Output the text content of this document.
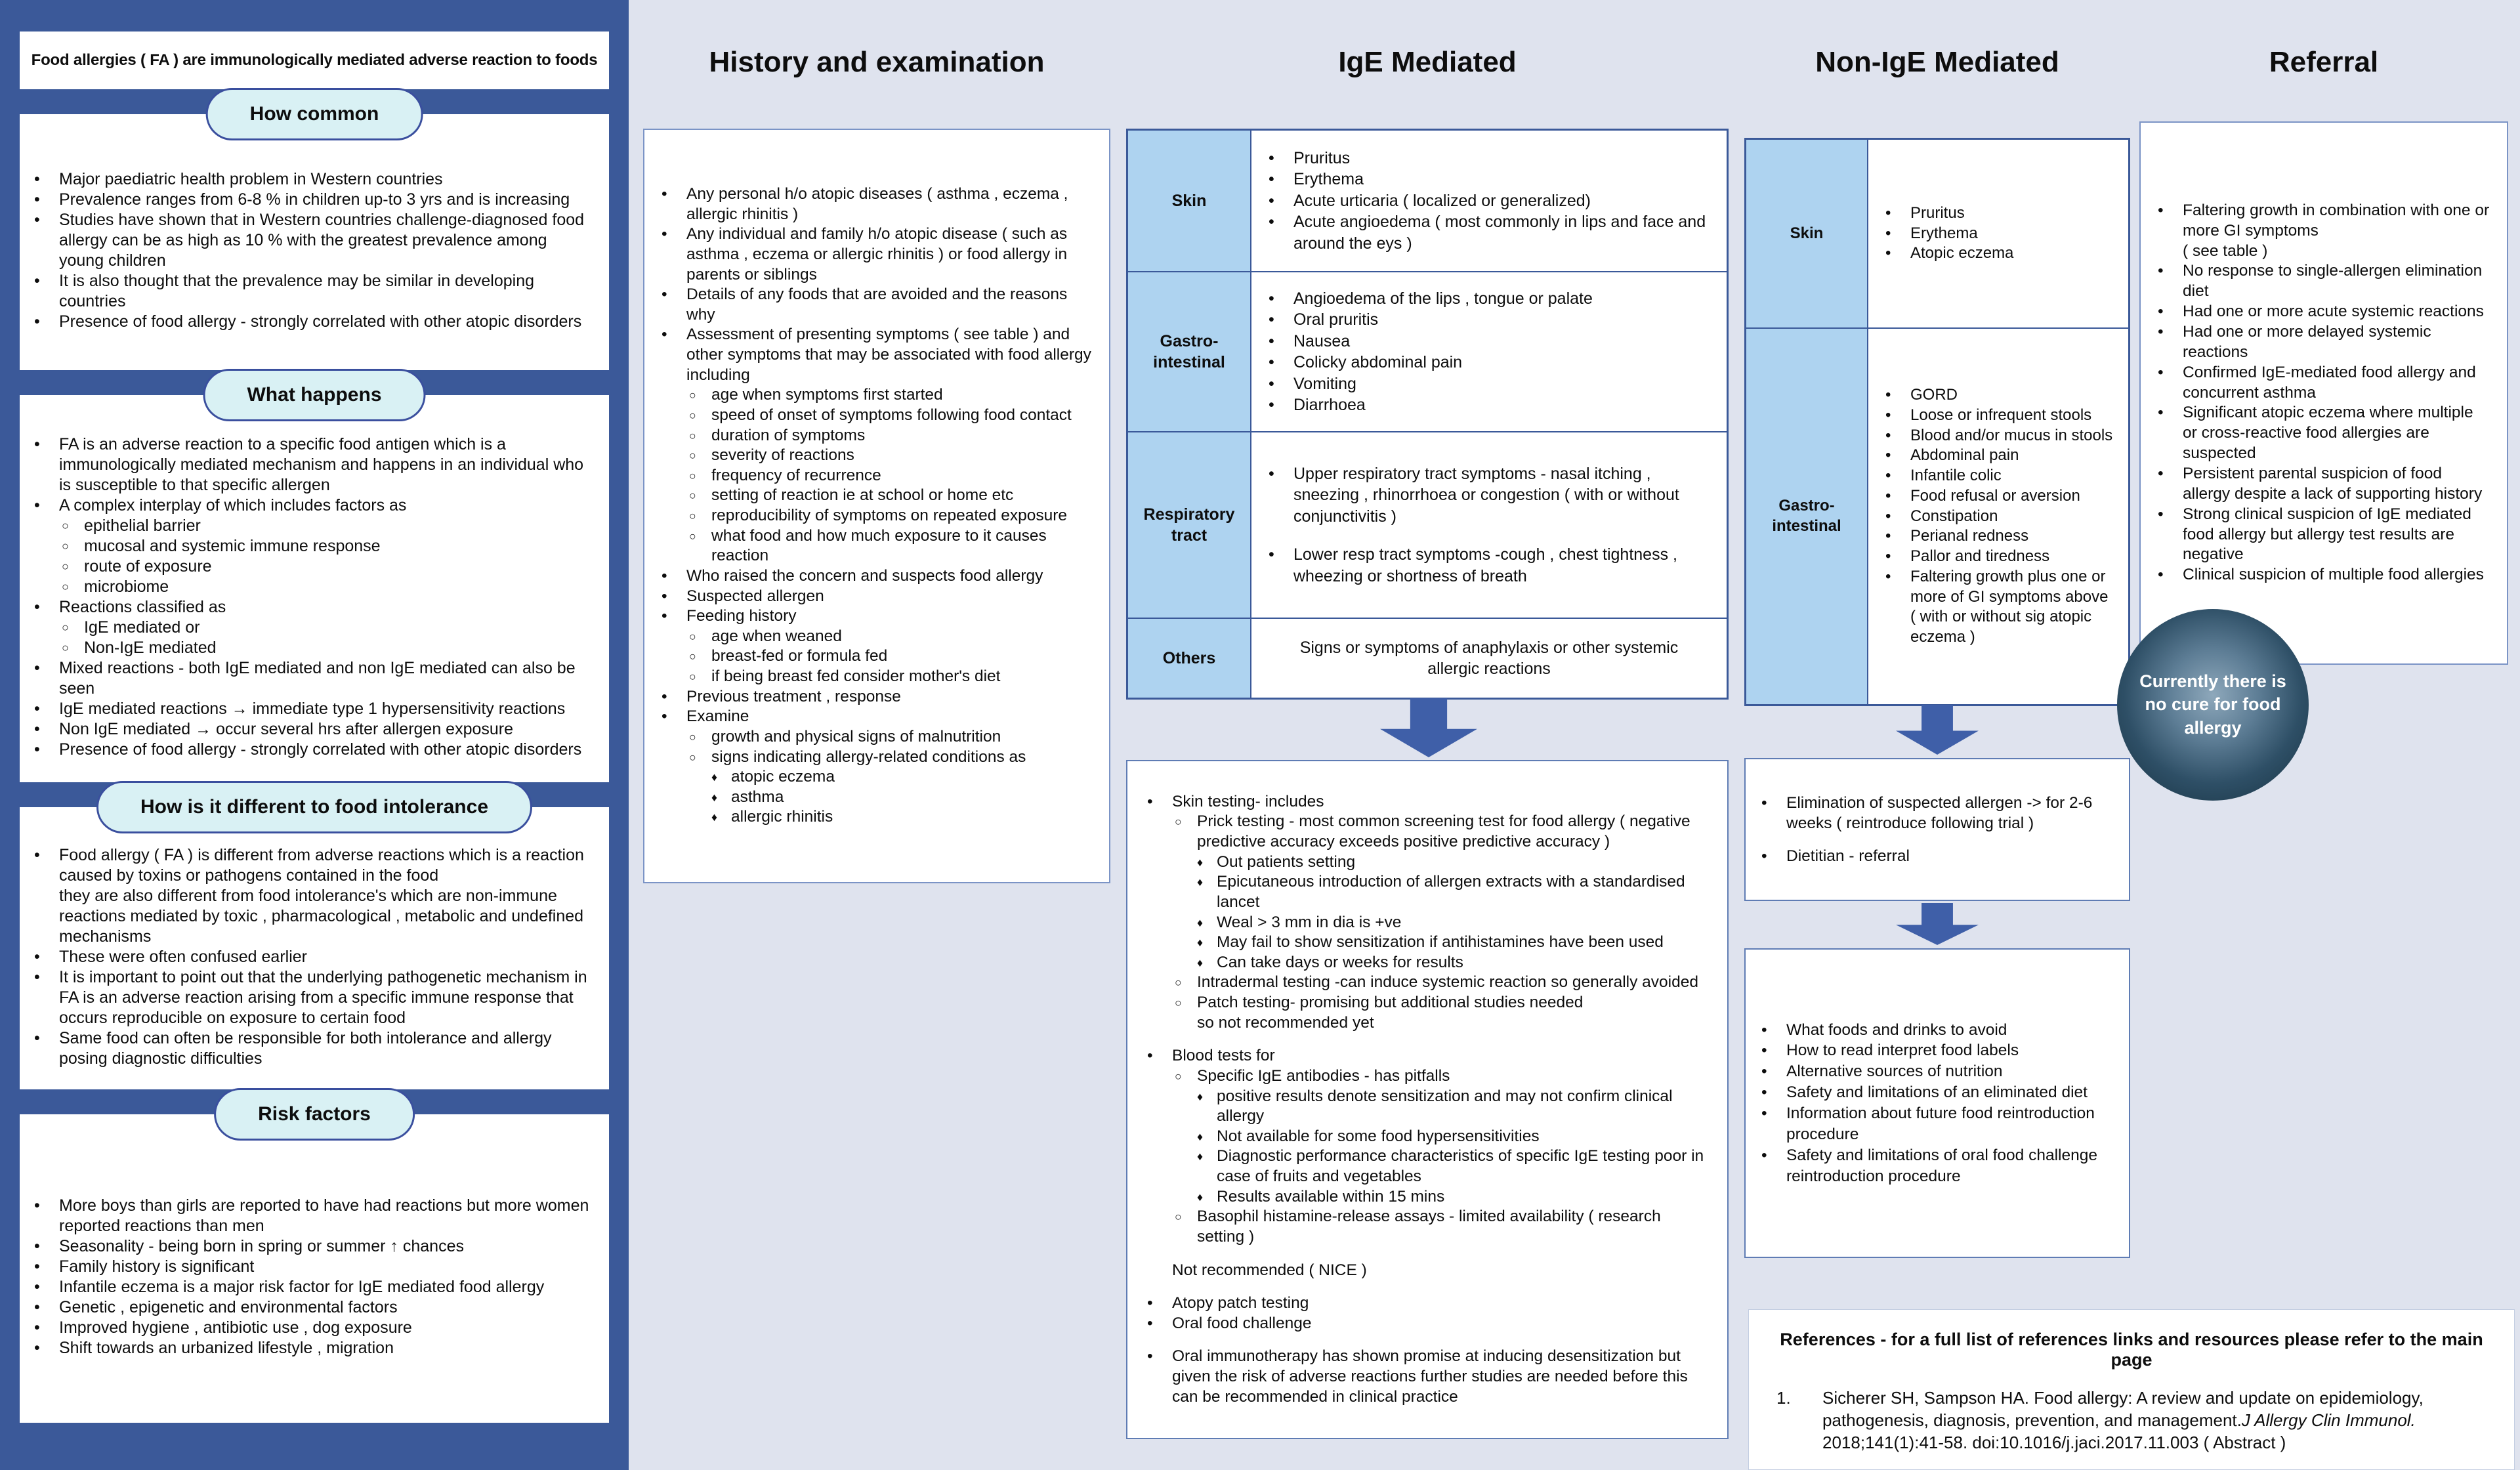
Food allergies ( FA ) are immunologically mediated adverse reaction to foods
How common
•	Major paediatric health problem in Western countries
•	Prevalence ranges from 6-8 % in children up-to 3 yrs and is increasing
•	Studies have shown that in Western countries challenge-diagnosed food allergy can be as high as 10 % with the greatest prevalence among young children
•	It is also thought that the prevalence may be similar in developing countries
•	Presence of food allergy - strongly correlated with other atopic disorders
What happens
•	FA is an adverse reaction to a specific food antigen which is a immunologically mediated mechanism and happens in an individual who is susceptible to that specific allergen
•	A complex interplay of which includes factors as
○ epithelial barrier
○ mucosal and systemic immune response
○ route of exposure
○ microbiome
•	Reactions classified as
○ IgE mediated or
○ Non-IgE mediated
•	Mixed reactions - both IgE mediated and non IgE mediated can also be seen
•	IgE mediated reactions → immediate type 1 hypersensitivity reactions
•	Non IgE mediated → occur several hrs after allergen exposure
•	Presence of food allergy - strongly correlated with other atopic disorders
How is it different to food intolerance
•	Food allergy ( FA ) is different from adverse reactions which is a reaction caused by toxins or pathogens contained in the food
they are also different from food intolerance's which are non-immune reactions mediated by toxic , pharmacological , metabolic and undefined mechanisms
•	These were often confused earlier
•	It is important to point out that the underlying pathogenetic mechanism in FA is an adverse reaction arising from a specific immune response that occurs reproducible on exposure to certain food
•	Same food can often be responsible for both intolerance and allergy posing diagnostic difficulties
Risk factors
•	More boys than girls are reported to have had reactions but more women reported reactions than men
•	Seasonality - being born in spring or summer ↑ chances
•	Family history is significant
•	Infantile eczema is a major risk factor for IgE mediated food allergy
•	Genetic , epigenetic and environmental factors
•	Improved hygiene , antibiotic use , dog exposure
•	Shift towards an urbanized lifestyle , migration
History and examination
•	Any personal h/o atopic diseases ( asthma , eczema , allergic rhinitis )
•	Any individual and family h/o atopic disease ( such as asthma , eczema or allergic rhinitis ) or food allergy in parents or siblings
•	Details of any foods that are avoided and the reasons why
•	Assessment of presenting symptoms ( see table ) and other symptoms that may be associated with food allergy including
○ age when symptoms first started
○ speed of onset of symptoms following food contact
○ duration of symptoms
○ severity of reactions
○ frequency of recurrence
○ setting of reaction ie at school or home etc
○ reproducibility of symptoms on repeated exposure
○ what food and how much exposure to it causes reaction
•	Who raised the concern and suspects food allergy
•	Suspected allergen
•	Feeding history
○ age when weaned
○ breast-fed or formula fed
○ if being breast fed consider mother's diet
•	Previous treatment , response
•	Examine
○ growth and physical signs of malnutrition
○ signs indicating allergy-related conditions as
♦ atopic eczema
♦ asthma
♦ allergic rhinitis
IgE Mediated
Skin
•	Pruritus
•	Erythema
•	Acute urticaria ( localized or generalized)
•	Acute angioedema ( most commonly in lips and face and around the eys )
Gastro-intestinal
•	Angioedema of the lips , tongue or palate
•	Oral pruritis
•	Nausea
•	Colicky abdominal pain
•	Vomiting
•	Diarrhoea
Respiratory tract
•	Upper respiratory tract symptoms - nasal itching , sneezing , rhinorrhoea or congestion ( with or without conjunctivitis )
•	Lower resp tract symptoms -cough , chest tightness , wheezing or shortness of breath
Others
Signs or symptoms of anaphylaxis or other systemic allergic reactions
•	Skin testing- includes
○ Prick testing - most common screening test for food allergy ( negative predictive accuracy exceeds positive predictive accuracy )
♦ Out patients setting
♦ Epicutaneous introduction of allergen extracts with a standardised lancet
♦ Weal > 3 mm in dia is +ve
♦ May fail to show sensitization if antihistamines have been used
♦ Can take days or weeks for results
○ Intradermal testing -can induce systemic reaction so generally avoided
○ Patch testing- promising but additional studies needed
so not recommended yet
•	Blood tests for
○ Specific IgE antibodies - has pitfalls
♦ positive results denote sensitization and may not confirm clinical allergy
♦ Not available for some food hypersensitivities
♦ Diagnostic performance characteristics of specific IgE testing poor in case of fruits and vegetables
♦ Results available within 15 mins
○ Basophil histamine-release assays - limited availability ( research setting )
Not recommended ( NICE )
•	Atopy patch testing
•	Oral food challenge
•	Oral immunotherapy has shown promise at inducing desensitization but given the risk of adverse reactions further studies are needed before this can be recommended in clinical practice
Non-IgE Mediated
Skin
•	Pruritus
•	Erythema
•	Atopic eczema
Gastro-intestinal
•	GORD
•	Loose or infrequent stools
•	Blood and/or mucus in stools
•	Abdominal pain
•	Infantile colic
•	Food refusal or aversion
•	Constipation
•	Perianal redness
•	Pallor and tiredness
•	Faltering growth plus one or more of GI symptoms above ( with or without sig atopic eczema )
•	Elimination of suspected allergen -> for 2-6 weeks ( reintroduce following trial )
•	Dietitian - referral
•	What foods and drinks to avoid
•	How to read interpret food labels
•	Alternative sources of nutrition
•	Safety and limitations of an eliminated diet
•	Information about future food reintroduction procedure
•	Safety and limitations of oral food challenge reintroduction procedure
Referral
•	Faltering growth in combination with one or more GI symptoms
( see table )
•	No response to single-allergen elimination diet
•	Had one or more acute systemic reactions
•	Had one or more delayed systemic reactions
•	Confirmed IgE-mediated food allergy and concurrent asthma
•	Significant atopic eczema where multiple or cross-reactive food allergies are suspected
•	Persistent parental suspicion of food allergy despite a lack of supporting history
•	Strong clinical suspicion of IgE mediated food allergy but allergy test results are negative
•	Clinical suspicion of multiple food allergies
Currently there is no cure for food allergy
References - for a full list of references links and resources please refer to the main page
1.	Sicherer SH, Sampson HA. Food allergy: A review and update on epidemiology, pathogenesis, diagnosis, prevention, and management.J Allergy Clin Immunol. 2018;141(1):41-58. doi:10.1016/j.jaci.2017.11.003 ( Abstract )
